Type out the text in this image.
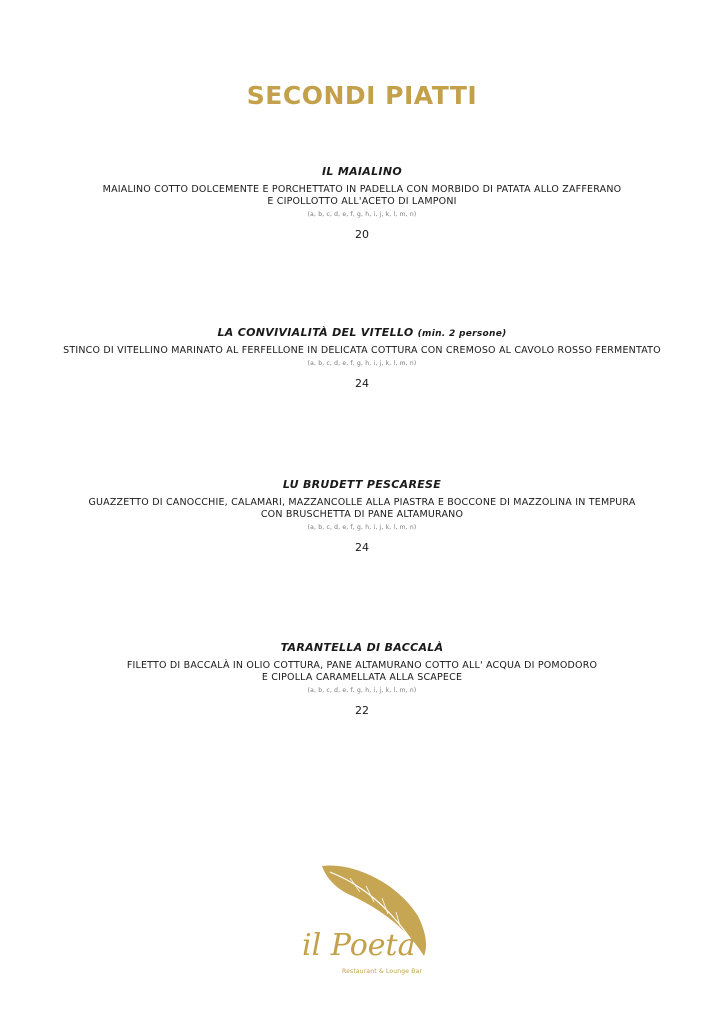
SECONDI PIATTI
IL MAIALINO
MAIALINO COTTO DOLCEMENTE E PORCHETTATO IN PADELLA CON MORBIDO DI PATATA ALLO ZAFFERANO
E CIPOLLOTTO ALL'ACETO DI LAMPONI
(a, b, c, d, e, f, g, h, i, j, k, l, m, n)
20
LA CONVIVIALITÀ DEL VITELLO (min. 2 persone)
STINCO DI VITELLINO MARINATO AL FERFELLONE IN DELICATA COTTURA CON CREMOSO AL CAVOLO ROSSO FERMENTATO
(a, b, c, d, e, f, g, h, i, j, k, l, m, n)
24
LU BRUDETT PESCARESE
GUAZZETTO DI CANOCCHIE, CALAMARI, MAZZANCOLLE ALLA PIASTRA E BOCCONE DI MAZZOLINA IN TEMPURA
CON BRUSCHETTA DI PANE ALTAMURANO
(a, b, c, d, e, f, g, h, i, j, k, l, m, n)
24
TARANTELLA DI BACCALÀ
FILETTO DI BACCALÀ IN OLIO COTTURA, PANE ALTAMURANO COTTO ALL' ACQUA DI POMODORO
E CIPOLLA CARAMELLATA ALLA SCAPECE
(a, b, c, d, e, f, g, h, i, j, k, l, m, n)
22
il Poeta
Restaurant & Lounge Bar
